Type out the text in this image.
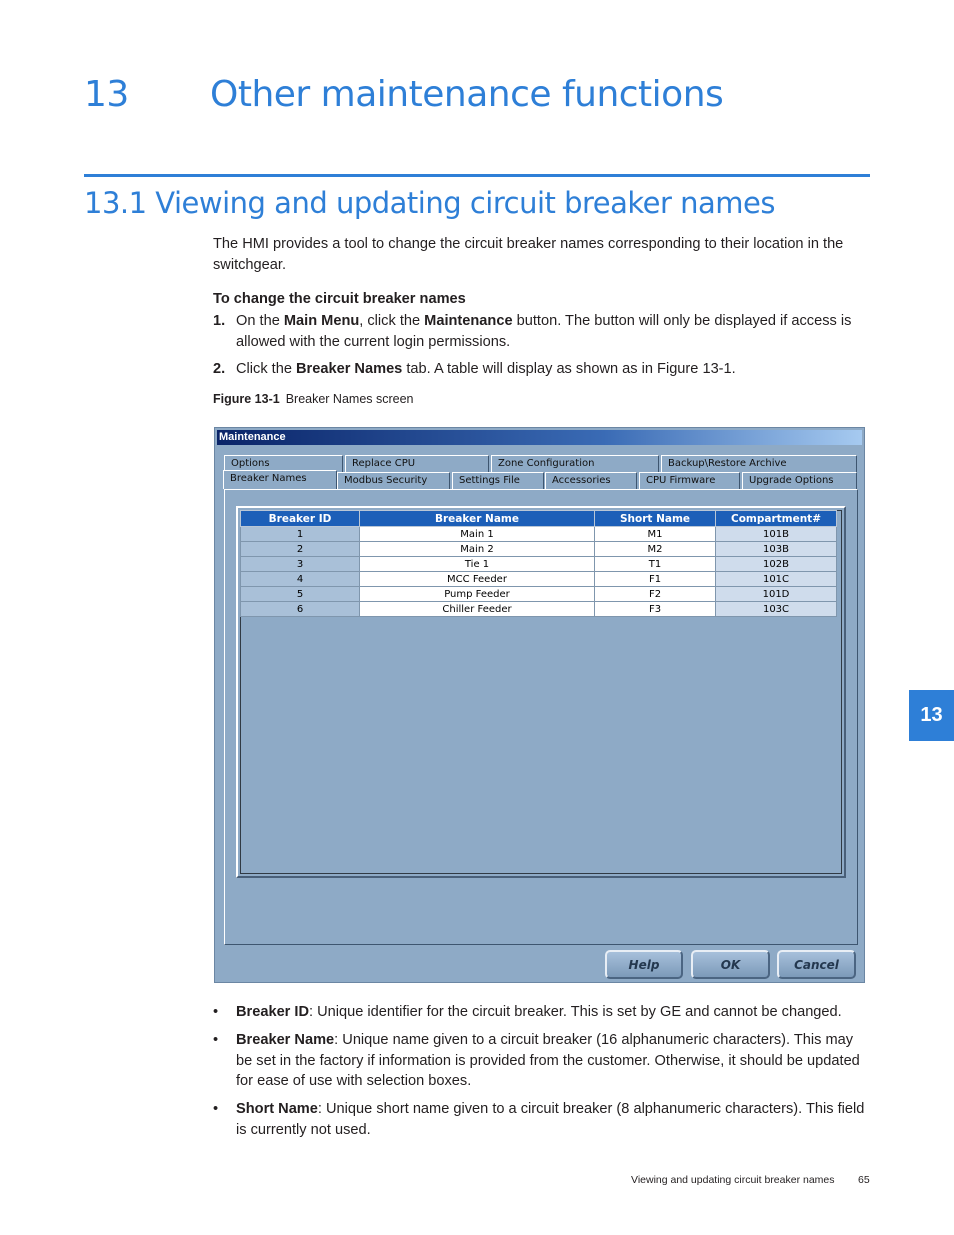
13 Other maintenance functions
13.1 Viewing and updating circuit breaker names
The HMI provides a tool to change the circuit breaker names corresponding to their location in the switchgear.
To change the circuit breaker names
1. On the Main Menu, click the Maintenance button. The button will only be displayed if access is allowed with the current login permissions.
2. Click the Breaker Names tab. A table will display as shown as in Figure 13-1.
Figure 13-1 Breaker Names screen
Maintenance
Options	Replace CPU	Zone Configuration	Backup\Restore Archive
Breaker Names	Modbus Security	Settings File	Accessories	CPU Firmware	Upgrade Options
Breaker ID	Breaker Name	Short Name	Compartment#
1	Main 1	M1	101B
2	Main 2	M2	103B
3	Tie 1	T1	102B
4	MCC Feeder	F1	101C
5	Pump Feeder	F2	101D
6	Chiller Feeder	F3	103C
Help	OK	Cancel
• Breaker ID: Unique identifier for the circuit breaker. This is set by GE and cannot be changed.
• Breaker Name: Unique name given to a circuit breaker (16 alphanumeric characters). This may be set in the factory if information is provided from the customer. Otherwise, it should be updated for ease of use with selection boxes.
• Short Name: Unique short name given to a circuit breaker (8 alphanumeric characters). This field is currently not used.
Viewing and updating circuit breaker names 65
13
